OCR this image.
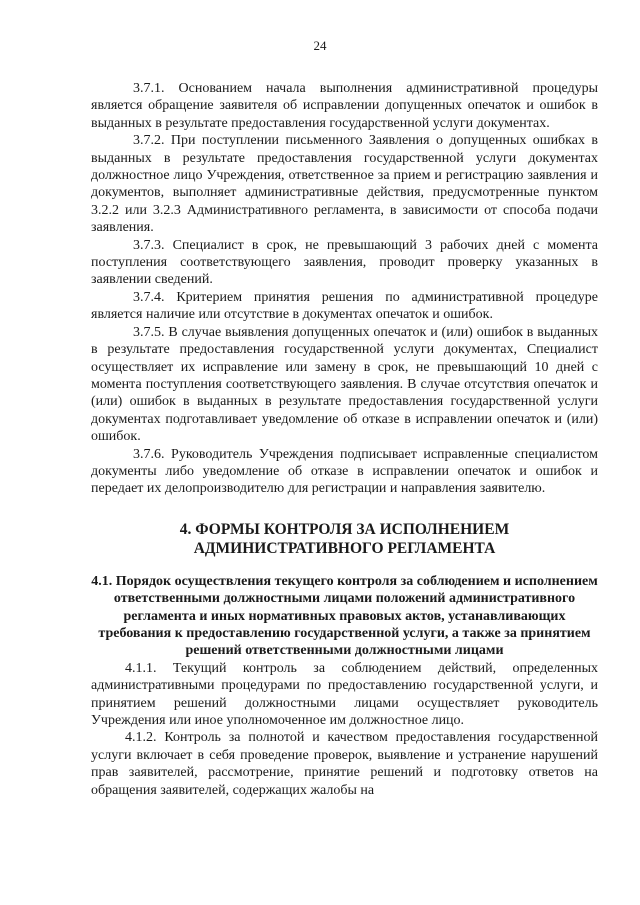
24

3.7.1. Основанием начала выполнения административной процедуры является обращение заявителя об исправлении допущенных опечаток и ошибок в выданных в результате предоставления государственной услуги документах.

3.7.2. При поступлении письменного Заявления о допущенных ошибках в выданных в результате предоставления государственной услуги документах должностное лицо Учреждения, ответственное за прием и регистрацию заявления и документов, выполняет административные действия, предусмотренные пунктом 3.2.2 или 3.2.3 Административного регламента, в зависимости от способа подачи заявления.

3.7.3. Специалист в срок, не превышающий 3 рабочих дней с момента поступления соответствующего заявления, проводит проверку указанных в заявлении сведений.

3.7.4. Критерием принятия решения по административной процедуре является наличие или отсутствие в документах опечаток и ошибок.

3.7.5. В случае выявления допущенных опечаток и (или) ошибок в выданных в результате предоставления государственной услуги документах, Специалист осуществляет их исправление или замену в срок, не превышающий 10 дней с момента поступления соответствующего заявления. В случае отсутствия опечаток и (или) ошибок в выданных в результате предоставления государственной услуги документах подготавливает уведомление об отказе в исправлении опечаток и (или) ошибок.

3.7.6. Руководитель Учреждения подписывает исправленные специалистом документы либо уведомление об отказе в исправлении опечаток и ошибок и передает их делопроизводителю для регистрации и направления заявителю.

4. ФОРМЫ КОНТРОЛЯ ЗА ИСПОЛНЕНИЕМ
АДМИНИСТРАТИВНОГО РЕГЛАМЕНТА
4.1. Порядок осуществления текущего контроля за соблюдением и исполнением ответственными должностными лицами положений административного регламента и иных нормативных правовых актов, устанавливающих требования к предоставлению государственной услуги, а также за принятием решений ответственными должностными лицами

4.1.1. Текущий контроль за соблюдением действий, определенных административными процедурами по предоставлению государственной услуги, и принятием решений должностными лицами осуществляет руководитель Учреждения или иное уполномоченное им должностное лицо.

4.1.2. Контроль за полнотой и качеством предоставления государственной услуги включает в себя проведение проверок, выявление и устранение нарушений прав заявителей, рассмотрение, принятие решений и подготовку ответов на обращения заявителей, содержащих жалобы на
